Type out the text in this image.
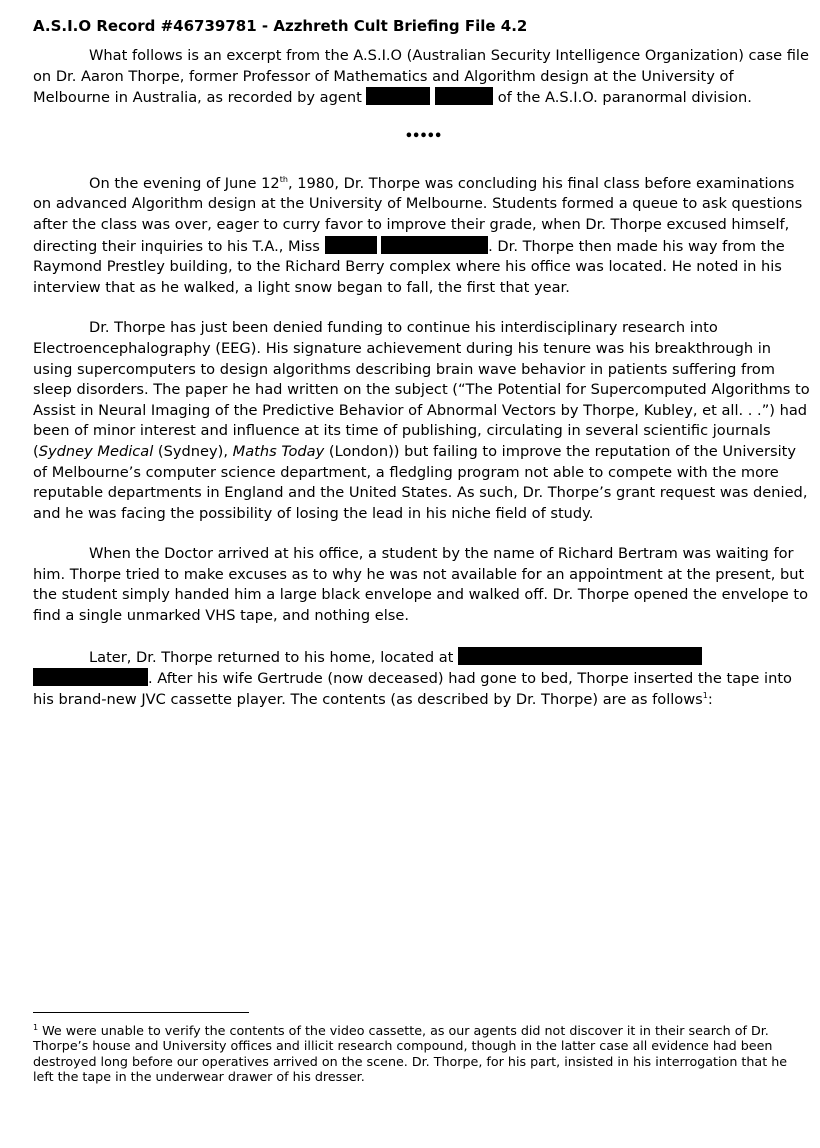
A.S.I.O Record #46739781 - Azzhreth Cult Briefing File 4.2

What follows is an excerpt from the A.S.I.O (Australian Security Intelligence Organization) case file on Dr. Aaron Thorpe, former Professor of Mathematics and Algorithm design at the University of Melbourne in Australia, as recorded by agent	of the A.S.I.O. paranormal division.

•••••

On the evening of June 12th, 1980, Dr. Thorpe was concluding his final class before examinations on advanced Algorithm design at the University of Melbourne. Students formed a queue to ask questions after the class was over, eager to curry favor to improve their grade, when Dr. Thorpe excused himself, directing their inquiries to his T.A., Miss	. Dr. Thorpe then made his way from the Raymond Prestley building, to the Richard Berry complex where his office was located. He noted in his interview that as he walked, a light snow began to fall, the first that year.

Dr. Thorpe has just been denied funding to continue his interdisciplinary research into Electroencephalography (EEG). His signature achievement during his tenure was his breakthrough in using supercomputers to design algorithms describing brain wave behavior in patients suffering from sleep disorders. The paper he had written on the subject (“The Potential for Supercomputed Algorithms to Assist in Neural Imaging of the Predictive Behavior of Abnormal Vectors by Thorpe, Kubley, et all. . .”) had been of minor interest and influence at its time of publishing, circulating in several scientific journals (Sydney Medical (Sydney), Maths Today (London)) but failing to improve the reputation of the University of Melbourne’s computer science department, a fledgling program not able to compete with the more reputable departments in England and the United States. As such, Dr. Thorpe’s grant request was denied, and he was facing the possibility of losing the lead in his niche field of study.

When the Doctor arrived at his office, a student by the name of Richard Bertram was waiting for him. Thorpe tried to make excuses as to why he was not available for an appointment at the present, but the student simply handed him a large black envelope and walked off. Dr. Thorpe opened the envelope to find a single unmarked VHS tape, and nothing else.

Later, Dr. Thorpe returned to his home, located at  . After his wife Gertrude (now deceased) had gone to bed, Thorpe inserted the tape into his brand-new JVC cassette player. The contents (as described by Dr. Thorpe) are as follows$^1$:

$^1$ We were unable to verify the contents of the video cassette, as our agents did not discover it in their search of Dr. Thorpe’s house and University offices and illicit research compound, though in the latter case all evidence had been destroyed long before our operatives arrived on the scene. Dr. Thorpe, for his part, insisted in his interrogation that he left the tape in the underwear drawer of his dresser.
